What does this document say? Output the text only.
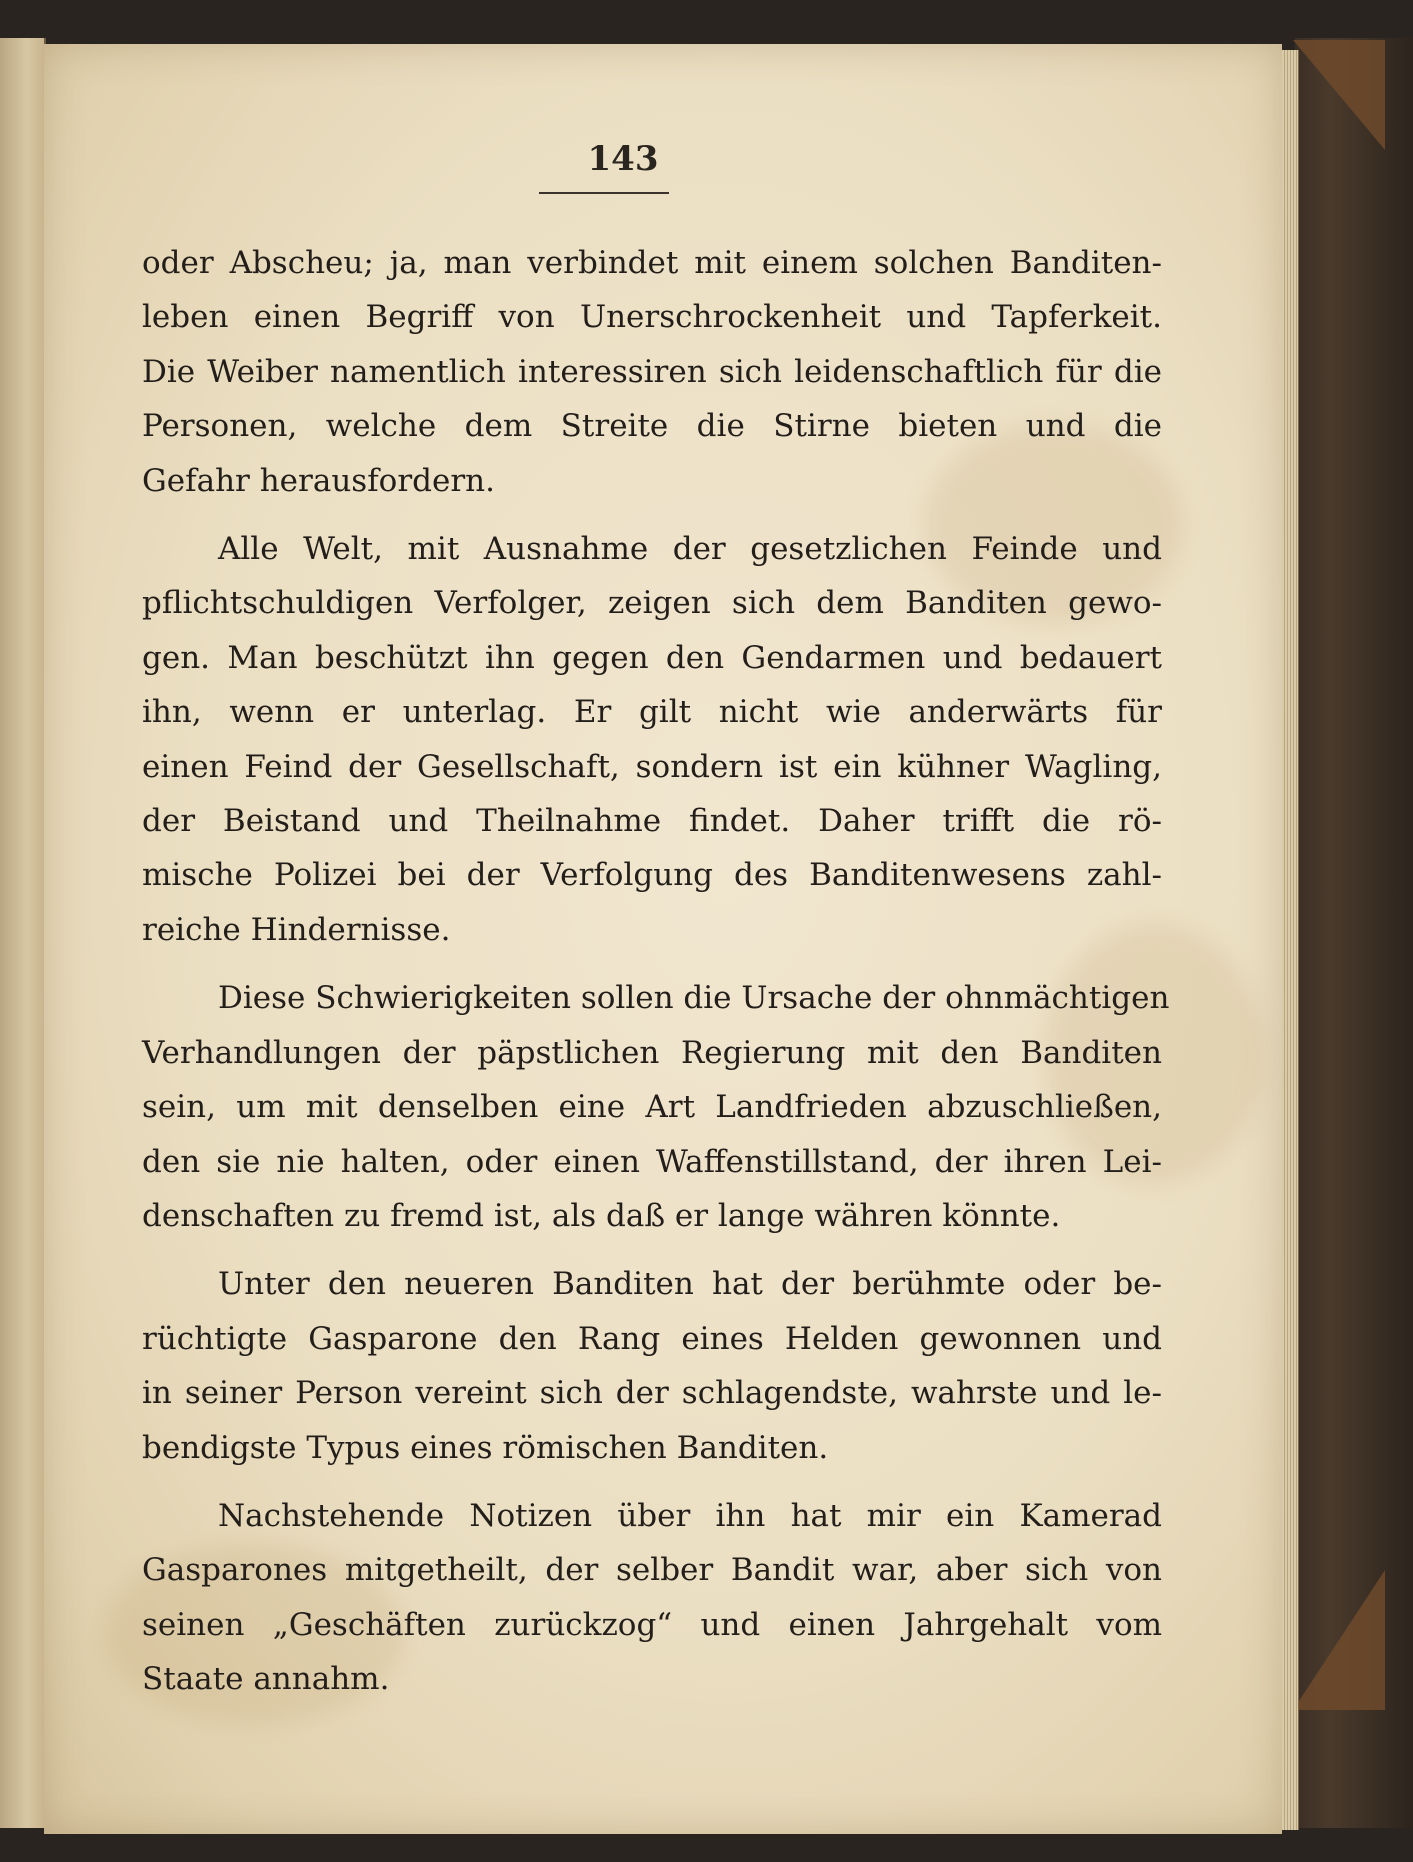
143
oder Abscheu; ja, man verbindet mit einem solchen Banditen-
leben einen Begriff von Unerschrockenheit und Tapferkeit.
Die Weiber namentlich interessiren sich leidenschaftlich für die
Personen, welche dem Streite die Stirne bieten und die
Gefahr herausfordern.
Alle Welt, mit Ausnahme der gesetzlichen Feinde und
pflichtschuldigen Verfolger, zeigen sich dem Banditen gewo-
gen. Man beschützt ihn gegen den Gendarmen und bedauert
ihn, wenn er unterlag. Er gilt nicht wie anderwärts für
einen Feind der Gesellschaft, sondern ist ein kühner Wagling,
der Beistand und Theilnahme findet. Daher trifft die rö-
mische Polizei bei der Verfolgung des Banditenwesens zahl-
reiche Hindernisse.
Diese Schwierigkeiten sollen die Ursache der ohnmächtigen
Verhandlungen der päpstlichen Regierung mit den Banditen
sein, um mit denselben eine Art Landfrieden abzuschließen,
den sie nie halten, oder einen Waffenstillstand, der ihren Lei-
denschaften zu fremd ist, als daß er lange währen könnte.
Unter den neueren Banditen hat der berühmte oder be-
rüchtigte Gasparone den Rang eines Helden gewonnen und
in seiner Person vereint sich der schlagendste, wahrste und le-
bendigste Typus eines römischen Banditen.
Nachstehende Notizen über ihn hat mir ein Kamerad
Gasparones mitgetheilt, der selber Bandit war, aber sich von
seinen „Geschäften zurückzog“ und einen Jahrgehalt vom
Staate annahm.
